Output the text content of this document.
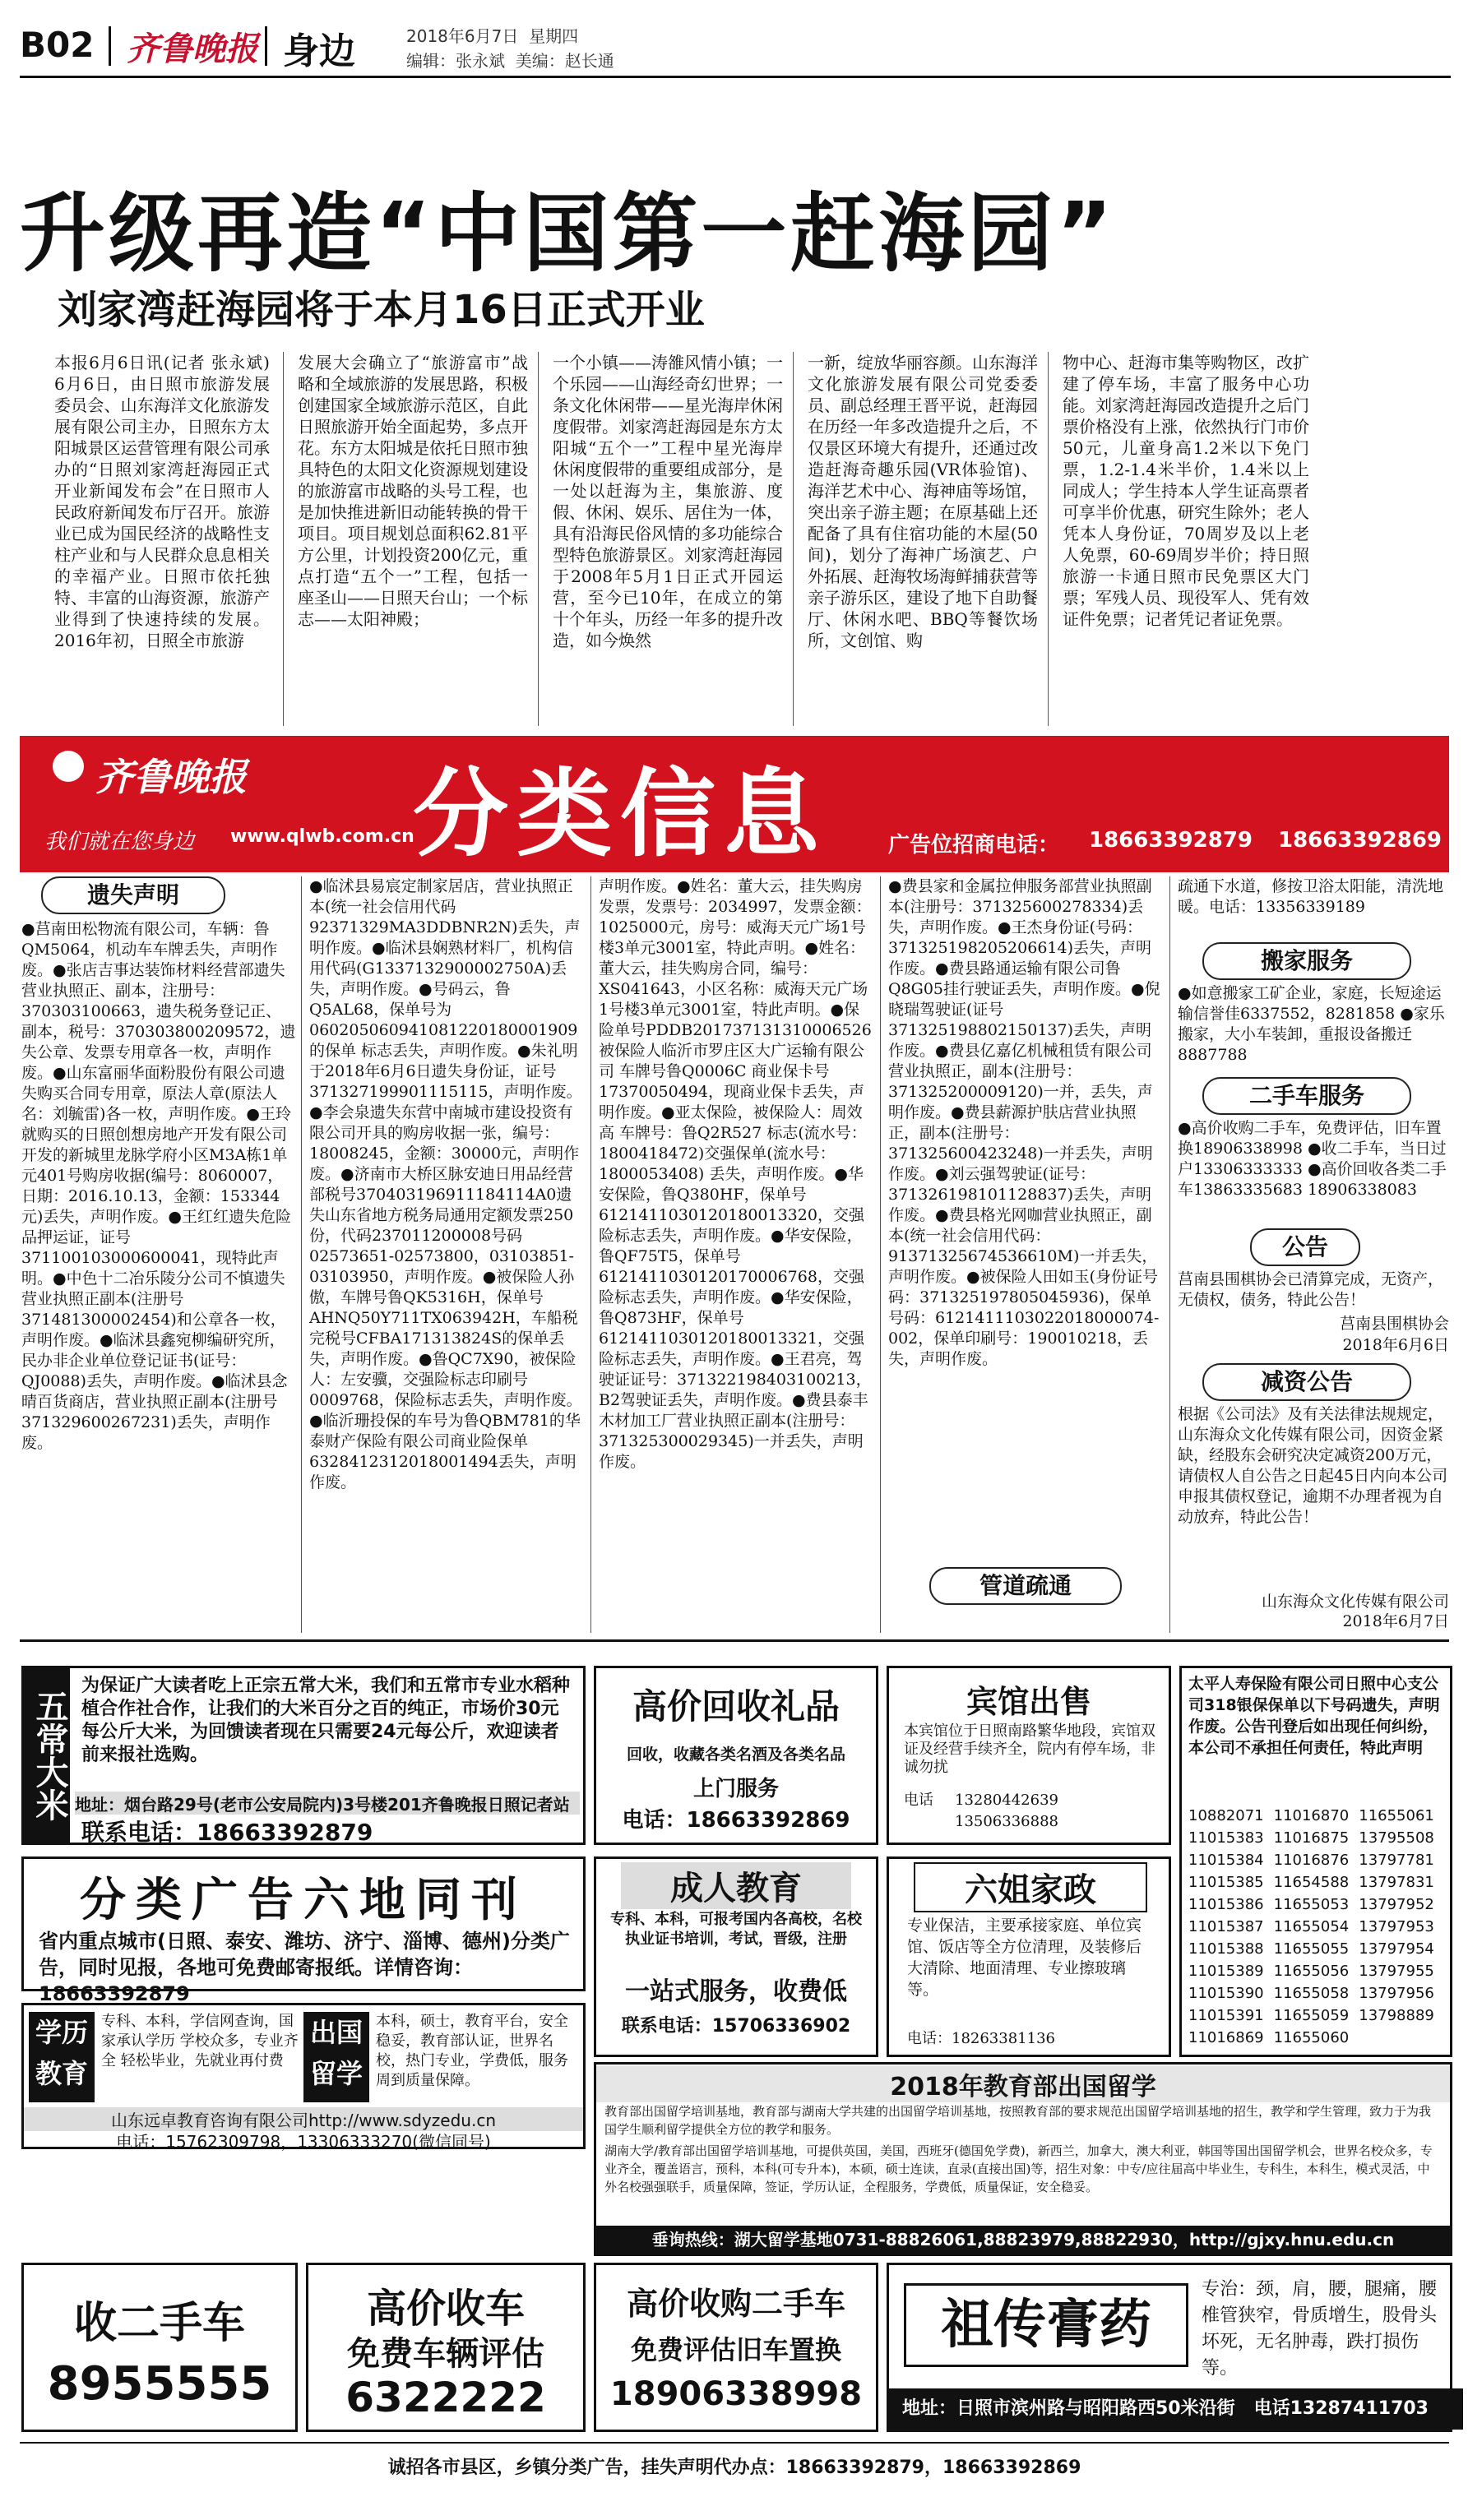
B02 齐鲁晚报 身边	2018年6月7日 星期四
编辑：张永斌 美编：赵长通
升级再造“中国第一赶海园”
刘家湾赶海园将于本月16日正式开业
本报6月6日讯(记者 张永斌) 6月6日，由日照市旅游发展委员会、山东海洋文化旅游发展有限公司主办，日照东方太阳城景区运营管理有限公司承办的“日照刘家湾赶海园正式开业新闻发布会”在日照市人民政府新闻发布厅召开。旅游业已成为国民经济的战略性支柱产业和与人民群众息息相关的幸福产业。日照市依托独特、丰富的山海资源，旅游产业得到了快速持续的发展。2016年初，日照全市旅游
发展大会确立了“旅游富市”战略和全域旅游的发展思路，积极创建国家全域旅游示范区，自此日照旅游开始全面起势，多点开花。东方太阳城是依托日照市独具特色的太阳文化资源规划建设的旅游富市战略的头号工程，也是加快推进新旧动能转换的骨干项目。项目规划总面积62.81平方公里，计划投资200亿元，重点打造“五个一”工程，包括一座圣山——日照天台山；一个标志——太阳神殿；
一个小镇——涛雒风情小镇；一个乐园——山海经奇幻世界；一条文化休闲带——星光海岸休闲度假带。刘家湾赶海园是东方太阳城“五个一”工程中星光海岸休闲度假带的重要组成部分，是一处以赶海为主，集旅游、度假、休闲、娱乐、居住为一体，具有沿海民俗风情的多功能综合型特色旅游景区。刘家湾赶海园于2008年5月1日正式开园运营，至今已10年，在成立的第十个年头，历经一年多的提升改造，如今焕然
一新，绽放华丽容颜。山东海洋文化旅游发展有限公司党委委员、副总经理王晋平说，赶海园在历经一年多改造提升之后，不仅景区环境大有提升，还通过改造赶海奇趣乐园(VR体验馆)、海洋艺术中心、海神庙等场馆，突出亲子游主题；在原基础上还配备了具有住宿功能的木屋(50间)，划分了海神广场演艺、户外拓展、赶海牧场海鲜捕获营等亲子游乐区，建设了地下自助餐厅、休闲水吧、BBQ等餐饮场所，文创馆、购
物中心、赶海市集等购物区，改扩建了停车场，丰富了服务中心功能。刘家湾赶海园改造提升之后门票价格没有上涨，依然执行门市价50元，儿童身高1.2米以下免门票，1.2-1.4米半价，1.4米以上同成人；学生持本人学生证高票者可享半价优惠，研究生除外；老人凭本人身份证，70周岁及以上老人免票，60-69周岁半价；持日照旅游一卡通日照市民免票区大门票；军残人员、现役军人、凭有效证件免票；记者凭记者证免票。
齐鲁晚报
我们就在您身边 www.qlwb.com.cn
分类信息	广告位招商电话： 18663392879 18663392869
遗失声明
●莒南田松物流有限公司，车辆：鲁QM5064，机动车车牌丢失，声明作废。●张店吉事达装饰材料经营部遗失营业执照正、副本，注册号：370303100663，遗失税务登记正、副本，税号：370303800209572，遗失公章、发票专用章各一枚，声明作废。●山东富丽华面粉股份有限公司遗失购买合同专用章，原法人章(原法人名：刘毓雷)各一枚，声明作废。●王玲就购买的日照创想房地产开发有限公司开发的新城里龙脉学府小区M3A栋1单元401号购房收据(编号：8060007，日期：2016.10.13，金额：153344元)丢失，声明作废。●王红红遗失危险品押运证，证号371100103000600041，现特此声明。●中色十二冶乐陵分公司不慎遗失营业执照正副本(注册号371481300002454)和公章各一枚，声明作废。●临沭县鑫宛柳编研究所，民办非企业单位登记证书(证号：QJ0088)丢失，声明作废。●临沭县念晴百货商店，营业执照正副本(注册号371329600267231)丢失，声明作废。
●临沭县易宸定制家居店，营业执照正本(统一社会信用代码92371329MA3DDBNR2N)丢失，声明作废。●临沭县娴熟材料厂，机构信用代码(G1337132900002750A)丢失，声明作废。●号码云，鲁Q5AL68，保单号为060205060941081220180001909的保单 标志丢失，声明作废。●朱礼明于2018年6月6日遗失身份证，证号371327199901115115，声明作废。●李会泉遗失东营中南城市建设投资有限公司开具的购房收据一张，编号：18008245，金额：30000元，声明作废。●济南市大桥区脉安迪日用品经营部税号370403196911184114A0遗失山东省地方税务局通用定额发票250份，代码237011200008号码02573651-02573800，03103851-03103950，声明作废。●被保险人孙傲，车牌号鲁QK5316H，保单号AHNQ50Y711TX063942H，车船税完税号CFBA171313824S的保单丢失，声明作废。●鲁QC7X90，被保险人：左安骥，交强险标志印刷号0009768，保险标志丢失，声明作废。●临沂珊投保的车号为鲁QBM781的华泰财产保险有限公司商业险保单6328412312018001494丢失，声明作废。
声明作废。●姓名：董大云，挂失购房发票，发票号：2034997，发票金额：1025000元，房号：威海天元广场1号楼3单元3001室，特此声明。●姓名：董大云，挂失购房合同，编号：XS041643，小区名称：威海天元广场1号楼3单元3001室，特此声明。●保险单号PDDB201737131310006526被保险人临沂市罗庄区大广运输有限公司 车牌号鲁Q0006C 商业保卡号17370050494，现商业保卡丢失，声明作废。●亚太保险，被保险人：周效高 车牌号：鲁Q2R527 标志(流水号：1800418472)交强保单(流水号：1800053408) 丢失，声明作废。●华安保险，鲁Q380HF，保单号6121411030120180013320，交强险标志丢失，声明作废。●华安保险，鲁QF75T5，保单号6121411030120170006768，交强险标志丢失，声明作废。●华安保险，鲁Q873HF，保单号6121411030120180013321，交强险标志丢失，声明作废。●王君亮，驾驶证证号：371322198403100213，B2驾驶证丢失，声明作废。●费县泰丰木材加工厂营业执照正副本(注册号：371325300029345)一并丢失，声明作废。
●费县家和金属拉伸服务部营业执照副本(注册号：371325600278334)丢失，声明作废。●王杰身份证(号码：371325198205206614)丢失，声明作废。●费县路通运输有限公司鲁Q8G05挂行驶证丢失，声明作废。●倪晓瑞驾驶证(证号371325198802150137)丢失，声明作废。●费县亿嘉亿机械租赁有限公司营业执照正，副本(注册号：371325200009120)一并，丢失，声明作废。●费县薪源护肤店营业执照正，副本(注册号：371325600423248)一并丢失，声明作废。●刘云强驾驶证(证号：371326198101128837)丢失，声明作废。●费县格光网咖营业执照正，副本(统一社会信用代码：91371325674536610M)一并丢失，声明作废。●被保险人田如玉(身份证号码：371325197805045936)，保单号码：6121411103022018000074-002，保单印刷号：190010218，丢失，声明作废。
管道疏通
疏通下水道，修按卫浴太阳能，清洗地暖。电话：13356339189
搬家服务
●如意搬家工矿企业，家庭，长短途运输信誉佳6337552，8281858 ●家乐搬家，大小车装卸，重报设备搬迁8887788
二手车服务
●高价收购二手车，免费评估，旧车置换18906338998 ●收二手车，当日过户13306333333 ●高价回收各类二手车13863335683 18906338083
公告
莒南县围棋协会已清算完成，无资产，无债权，债务，特此公告！
莒南县围棋协会
2018年6月6日
减资公告
根据《公司法》及有关法律法规规定，山东海众文化传媒有限公司，因资金紧缺，经股东会研究决定减资200万元，请债权人自公告之日起45日内向本公司申报其债权登记，逾期不办理者视为自动放弃，特此公告！
山东海众文化传媒有限公司
2018年6月7日
五常大米
为保证广大读者吃上正宗五常大米，我们和五常市专业水稻种植合作社合作，让我们的大米百分之百的纯正，市场价30元每公斤大米，为回馈读者现在只需要24元每公斤，欢迎读者前来报社选购。
地址：烟台路29号(老市公安局院内)3号楼201齐鲁晚报日照记者站
联系电话：18663392879
高价回收礼品
回收，收藏各类名酒及各类名品
上门服务
电话：18663392869
宾馆出售
本宾馆位于日照南路繁华地段，宾馆双证及经营手续齐全，院内有停车场，非诚勿扰
电话 13280442639
13506336888
太平人寿保险有限公司日照中心支公司318银保保单以下号码遗失，声明作废。公告刊登后如出现任何纠纷，本公司不承担任何责任，特此声明
10882071	11016870	11655061
11015383	11016875	13795508
11015384	11016876	13797781
11015385	11654588	13797831
11015386	11655053	13797952
11015387	11655054	13797953
11015388	11655055	13797954
11015389	11655056	13797955
11015390	11655058	13797956
11015391	11655059	13798889
11016869	11655060	
分类广告六地同刊
省内重点城市(日照、泰安、潍坊、济宁、淄博、德州)分类广告，同时见报，各地可免费邮寄报纸。详情咨询：18663392879
成人教育
专科、本科，可报考国内各高校，名校执业证书培训，考试，晋级，注册
一站式服务，收费低
联系电话：15706336902
六姐家政
专业保洁，主要承接家庭、单位宾馆、饭店等全方位清理，及装修后大清除、地面清理、专业擦玻璃等。
电话：18263381136
学历教育
专科、本科，学信网查询，国家承认学历 学校众多，专业齐全 轻松毕业，先就业再付费
出国留学
本科，硕士，教育平台，安全稳妥，教育部认证，世界名校，热门专业，学费低，服务周到质量保障。
山东远卓教育咨询有限公司http://www.sdyzedu.cn
电话：15762309798，13306333270(微信同号)
2018年教育部出国留学
教育部出国留学培训基地，教育部与湖南大学共建的出国留学培训基地，按照教育部的要求规范出国留学培训基地的招生，教学和学生管理，致力于为我国学生顺利留学提供全方位的教学和服务。
湖南大学/教育部出国留学培训基地，可提供英国，美国，西班牙(德国免学费)，新西兰，加拿大，澳大利亚，韩国等国出国留学机会，世界名校众多，专业齐全，覆盖语言，预科，本科(可专升本)，本硕，硕士连读，直录(直接出国)等，招生对象：中专/应往届高中毕业生，专科生，本科生，模式灵活，中外名校强强联手，质量保障，签证，学历认证，全程服务，学费低，质量保证，安全稳妥。
垂询热线：湖大留学基地0731-88826061,88823979,88822930，http://gjxy.hnu.edu.cn
收二手车
8955555
高价收车
免费车辆评估
6322222
高价收购二手车
免费评估旧车置换
18906338998
祖传膏药
专治：颈，肩，腰，腿痛，腰椎管狭窄，骨质增生，股骨头坏死，无名肿毒，跌打损伤等。
地址：日照市滨州路与昭阳路西50米沿街 电话13287411703
诚招各市县区，乡镇分类广告，挂失声明代办点：18663392879，18663392869
